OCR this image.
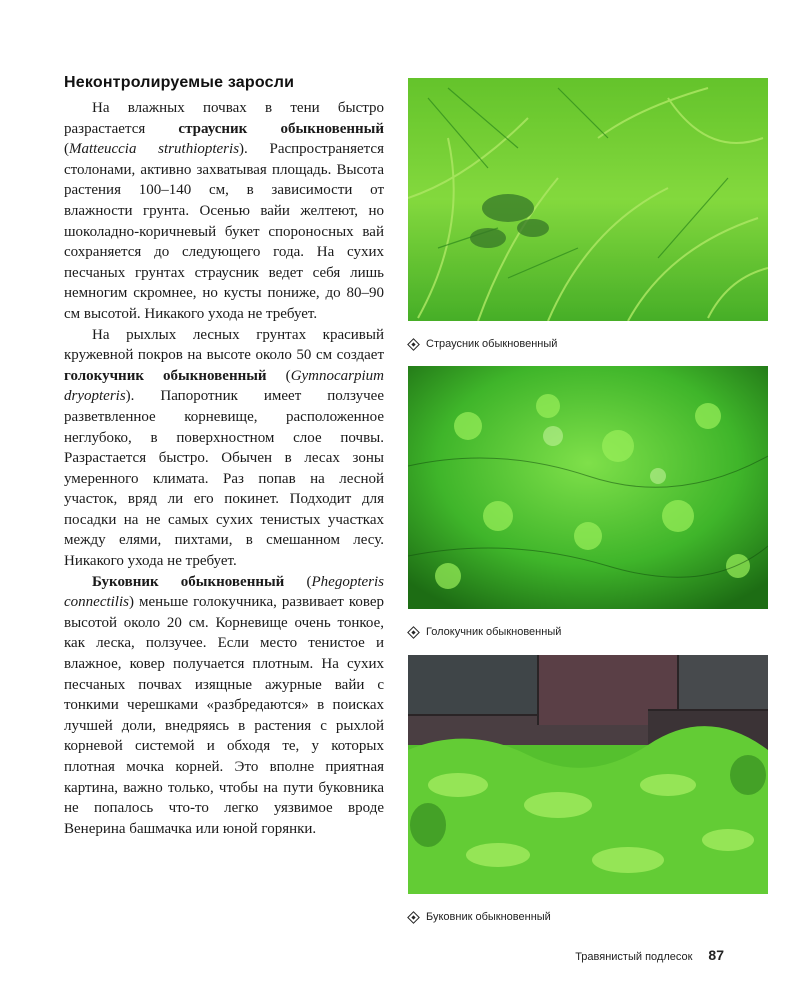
Неконтролируемые заросли

На влажных почвах в тени быстро разрастается страусник обыкновенный (Matteuccia struthiopteris). Распространяется столонами, активно захватывая площадь. Высота растения 100–140 см, в зависимости от влажности грунта. Осенью вайи желтеют, но шоколадно-коричневый букет спороносных вай сохраняется до следующего года. На сухих песчаных грунтах страусник ведет себя лишь немногим скромнее, но кусты пониже, до 80–90 см высотой. Никакого ухода не требует.

На рыхлых лесных грунтах красивый кружевной покров на высоте около 50 см создает голокучник обыкновенный (Gymnocarpium dryopteris). Папоротник имеет ползучее разветвленное корневище, расположенное неглубоко, в поверхностном слое почвы. Разрастается быстро. Обычен в лесах зоны умеренного климата. Раз попав на лесной участок, вряд ли его покинет. Подходит для посадки на не самых сухих тенистых участках между елями, пихтами, в смешанном лесу. Никакого ухода не требует.

Буковник обыкновенный (Phegopteris connectilis) меньше голокучника, развивает ковер высотой около 20 см. Корневище очень тонкое, как леска, ползучее. Если место тенистое и влажное, ковер получается плотным. На сухих песчаных почвах изящные ажурные вайи с тонкими черешками «разбредаются» в поисках лучшей доли, внедряясь в растения с рыхлой корневой системой и обходя те, у которых плотная мочка корней. Это вполне приятная картина, важно только, чтобы на пути буковника не попалось что-то легко уязвимое вроде Венерина башмачка или юной горянки.

Страусник обыкновенный
Голокучник обыкновенный
Буковник обыкновенный
Травянистый подлесок 87
